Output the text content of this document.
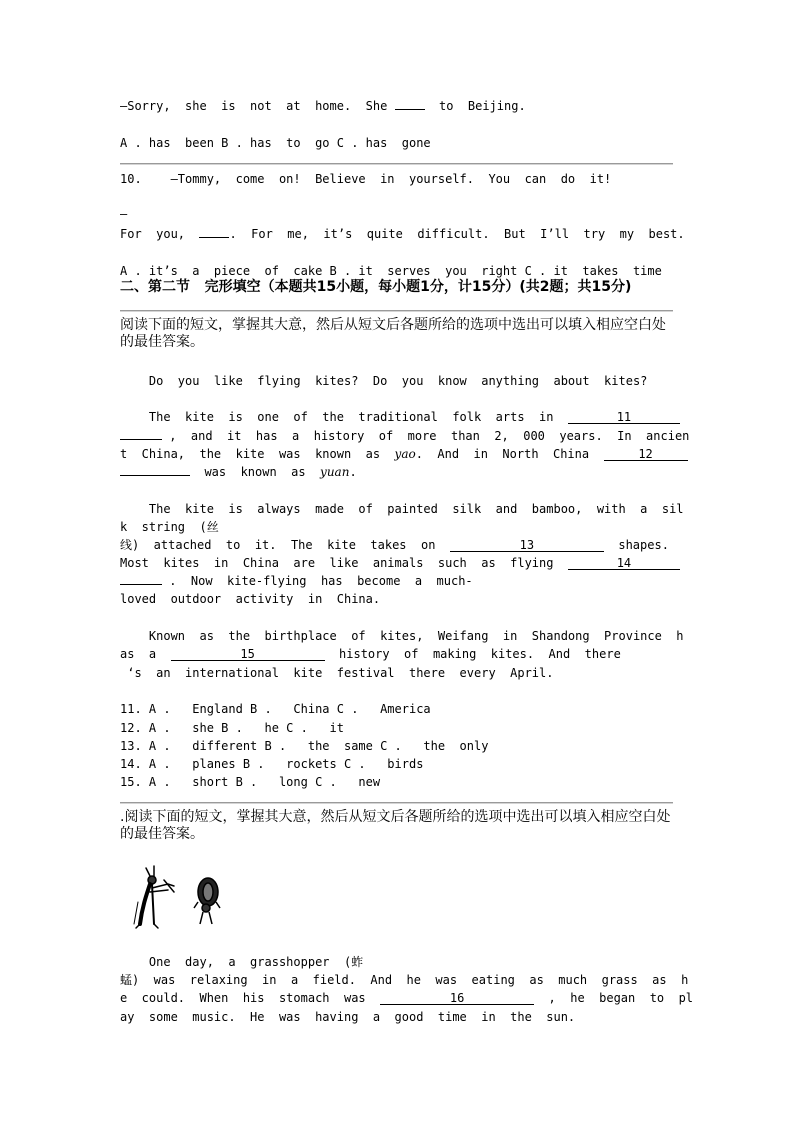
—Sorry,  she  is  not  at  home.  She	to  Beijing.
A . has  been B . has  to  go C . has  gone
10.    —Tommy,  come  on!  Believe  in  yourself.  You  can  do  it!
—
For  you,	.  For  me,  it’s  quite  difficult.  But  I’ll  try  my  best.
A . it’s  a  piece  of  cake B . it  serves  you  right C . it  takes  time
二、第二节   完形填空（本题共15小题，每小题1分，计15分）(共2题；共15分)
阅读下面的短文，掌握其大意，然后从短文后各题所给的选项中选出可以填入相应空白处的最佳答案。
Do  you  like  flying  kites?  Do  you  know  anything  about  kites?
The  kite  is  one  of  the  traditional  folk  arts  in	11
,  and  it  has  a  history  of  more  than  2,  000  years.  In  ancien
t  China,  the  kite  was  known  as  yao.  And  in  North  China	12
was  known  as  yuan.
The  kite  is  always  made  of  painted  silk  and  bamboo,  with  a  sil
k  string  (丝
线)  attached  to  it.  The  kite  takes  on	13	shapes.
Most  kites  in  China  are  like  animals  such  as  flying	14
.  Now  kite-flying  has  become  a  much-
loved  outdoor  activity  in  China.
Known  as  the  birthplace  of  kites,  Weifang  in  Shandong  Province  h
as  a	15	history  of  making  kites.  And  there
‘s  an  international  kite  festival  there  every  April.
11. A .   England B .   China C .   America
12. A .   she B .   he C .   it
13. A .   different B .   the  same C .   the  only
14. A .   planes B .   rockets C .   birds
15. A .   short B .   long C .   new
.阅读下面的短文，掌握其大意，然后从短文后各题所给的选项中选出可以填入相应空白处的最佳答案。
One  day,  a  grasshopper  (蚱
蜢)  was  relaxing  in  a  field.  And  he  was  eating  as  much  grass  as  h
e  could.  When  his  stomach  was	16	,  he  began  to  pl
ay  some  music.  He  was  having  a  good  time  in  the  sun.
